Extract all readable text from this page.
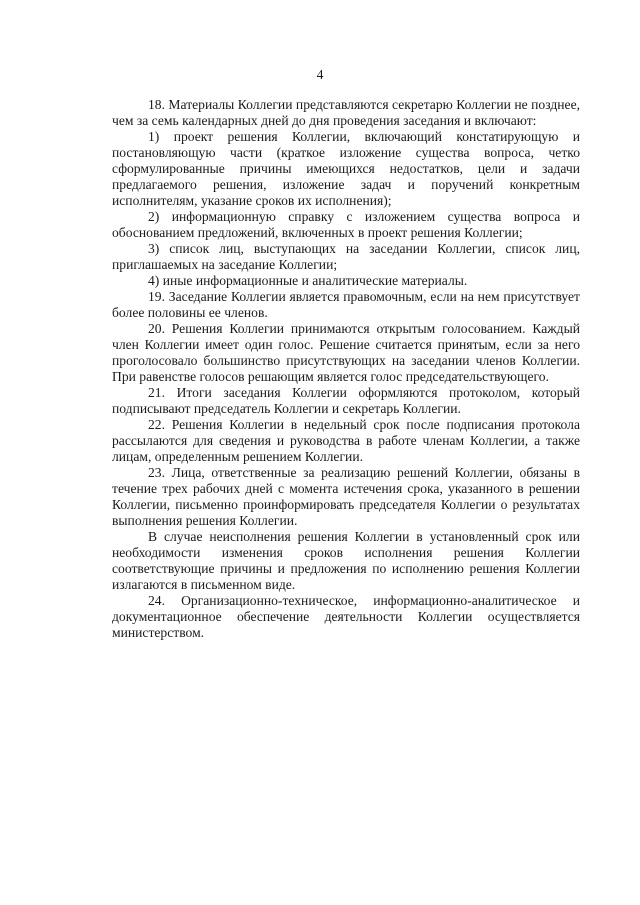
4

18. Материалы Коллегии представляются секретарю Коллегии не позднее, чем за семь календарных дней до дня проведения заседания и включают:

1) проект решения Коллегии, включающий констатирующую и постановляющую части (краткое изложение существа вопроса, четко сформулированные причины имеющихся недостатков, цели и задачи предлагаемого решения, изложение задач и поручений конкретным исполнителям, указание сроков их исполнения);

2) информационную справку с изложением существа вопроса и обоснованием предложений, включенных в проект решения Коллегии;

3) список лиц, выступающих на заседании Коллегии, список лиц, приглашаемых на заседание Коллегии;

4) иные информационные и аналитические материалы.

19. Заседание Коллегии является правомочным, если на нем присутствует более половины ее членов.

20. Решения Коллегии принимаются открытым голосованием. Каждый член Коллегии имеет один голос. Решение считается принятым, если за него проголосовало большинство присутствующих на заседании членов Коллегии. При равенстве голосов решающим является голос председательствующего.

21. Итоги заседания Коллегии оформляются протоколом, который подписывают председатель Коллегии и секретарь Коллегии.

22. Решения Коллегии в недельный срок после подписания протокола рассылаются для сведения и руководства в работе членам Коллегии, а также лицам, определенным решением Коллегии.

23. Лица, ответственные за реализацию решений Коллегии, обязаны в течение трех рабочих дней с момента истечения срока, указанного в решении Коллегии, письменно проинформировать председателя Коллегии о результатах выполнения решения Коллегии.

В случае неисполнения решения Коллегии в установленный срок или необходимости изменения сроков исполнения решения Коллегии соответствующие причины и предложения по исполнению решения Коллегии излагаются в письменном виде.

24. Организационно-техническое, информационно-аналитическое и документационное обеспечение деятельности Коллегии осуществляется министерством.
